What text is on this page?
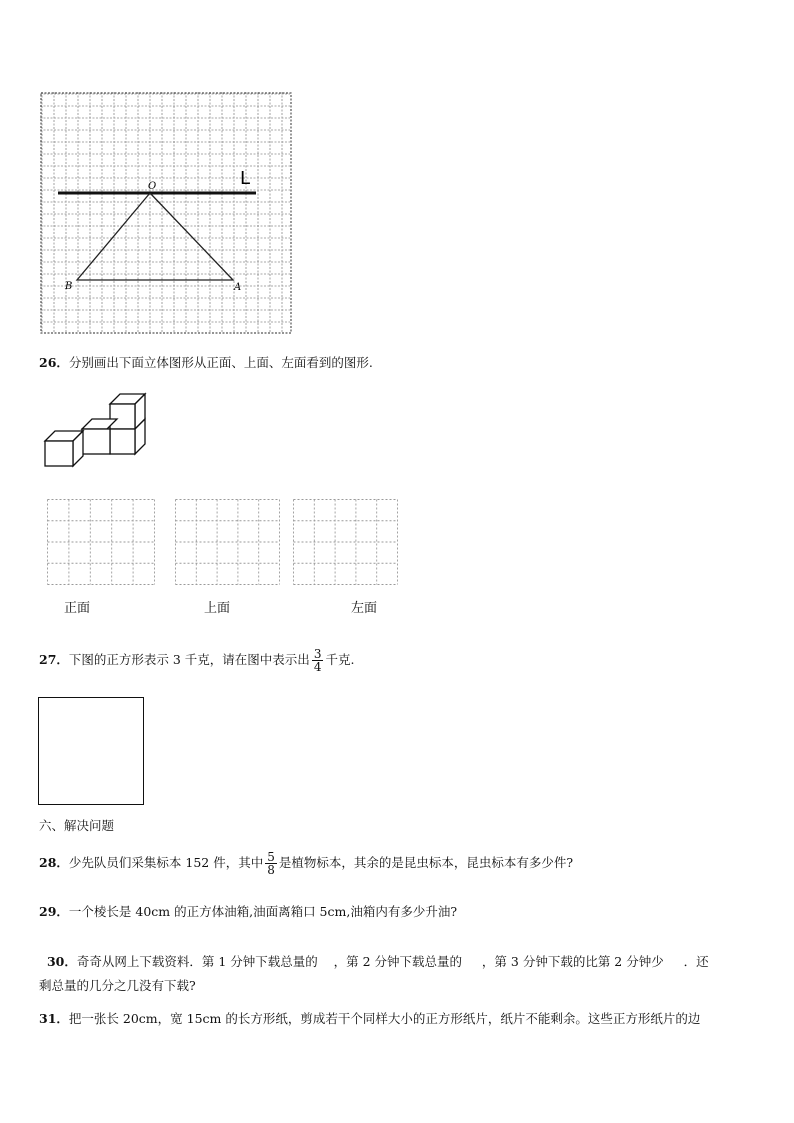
L
O
B	A
26．分别画出下面立体图形从正面、上面、左面看到的图形.
正面	上面	左面
27．下图的正方形表示 3 千克，请在图中表示出 $\frac{3}{4}$ 千克.
六、解决问题
28．少先队员们采集标本 152 件，其中 $\frac{5}{8}$ 是植物标本，其余的是昆虫标本，昆虫标本有多少件?
29．一个棱长是 40cm 的正方体油箱,油面离箱口 5cm,油箱内有多少升油?

30．奇奇从网上下载资料．第 1 分钟下载总量的    ，第 2 分钟下载总量的     ，第 3 分钟下载的比第 2 分钟少     ．还

剩总量的几分之几没有下载?
31．把一张长 20cm，宽 15cm 的长方形纸，剪成若干个同样大小的正方形纸片，纸片不能剩余。这些正方形纸片的边
